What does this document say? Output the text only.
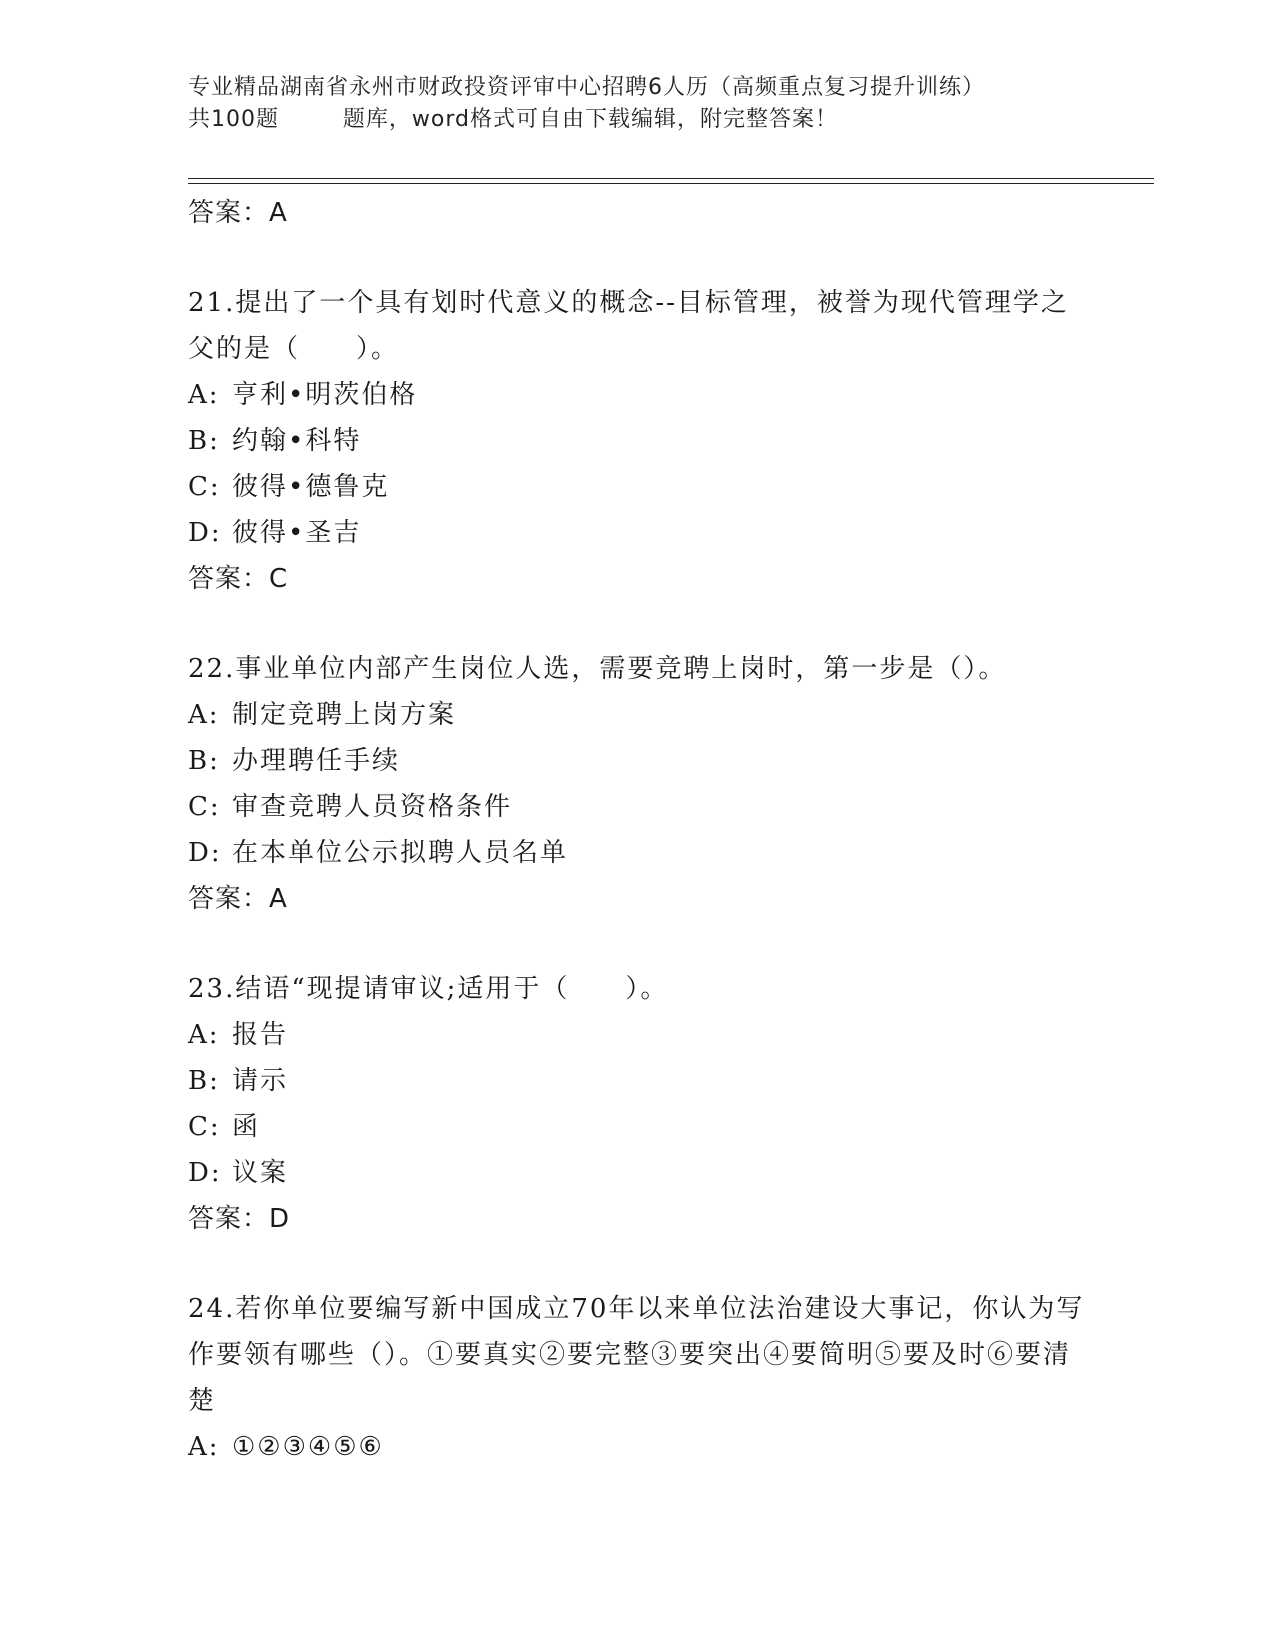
专业精品湖南省永州市财政投资评审中心招聘6人历（高频重点复习提升训练）
共100题        题库，word格式可自由下载编辑，附完整答案！
答案：A

21.提出了一个具有划时代意义的概念--目标管理，被誉为现代管理学之父的是（　　）。

A: 亨利•明茨伯格
B: 约翰•科特
C: 彼得•德鲁克
D: 彼得•圣吉
答案：C

22.事业单位内部产生岗位人选，需要竞聘上岗时，第一步是（）。

A: 制定竞聘上岗方案
B: 办理聘任手续
C: 审查竞聘人员资格条件
D: 在本单位公示拟聘人员名单
答案：A

23.结语“现提请审议;适用于（　　）。

A: 报告
B: 请示
C: 函
D: 议案
答案：D

24.若你单位要编写新中国成立70年以来单位法治建设大事记，你认为写作要领有哪些（）。①要真实②要完整③要突出④要简明⑤要及时⑥要清楚

A: ①②③④⑤⑥
